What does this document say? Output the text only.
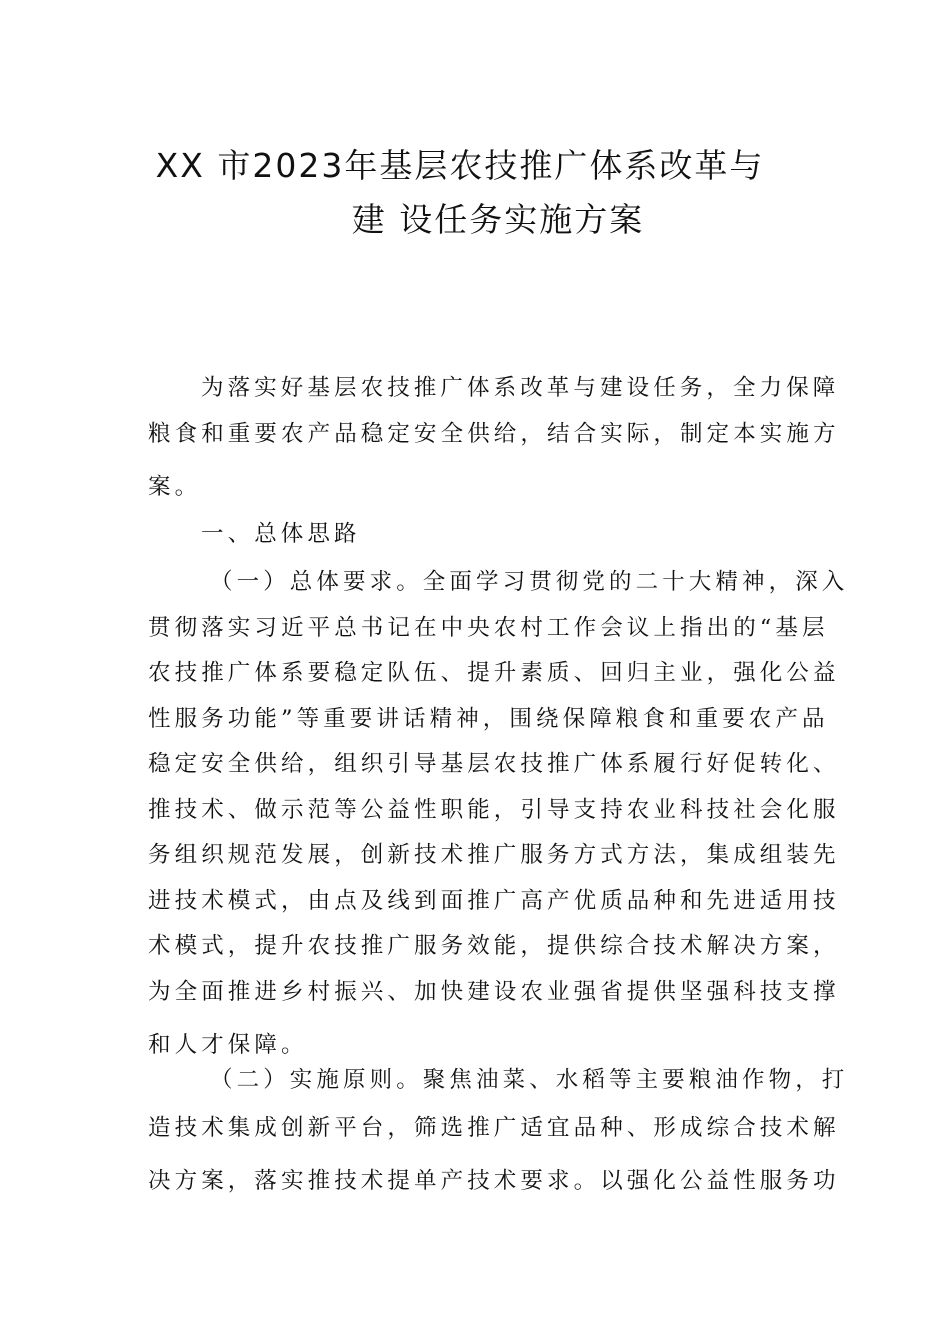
XX 市2023年基层农技推广体系改革与
建 设任务实施方案
为落实好基层农技推广体系改革与建设任务，全力保障
粮食和重要农产品稳定安全供给，结合实际，制定本实施方
案。
一、总体思路
（一）总体要求。全面学习贯彻党的二十大精神，深入
贯彻落实习近平总书记在中央农村工作会议上指出的“基层
农技推广体系要稳定队伍、提升素质、回归主业，强化公益
性服务功能”等重要讲话精神，围绕保障粮食和重要农产品
稳定安全供给，组织引导基层农技推广体系履行好促转化、
推技术、做示范等公益性职能，引导支持农业科技社会化服
务组织规范发展，创新技术推广服务方式方法，集成组装先
进技术模式，由点及线到面推广高产优质品种和先进适用技
术模式，提升农技推广服务效能，提供综合技术解决方案，
为全面推进乡村振兴、加快建设农业强省提供坚强科技支撑
和人才保障。
（二）实施原则。聚焦油菜、水稻等主要粮油作物，打
造技术集成创新平台，筛选推广适宜品种、形成综合技术解
决方案，落实推技术提单产技术要求。以强化公益性服务功
